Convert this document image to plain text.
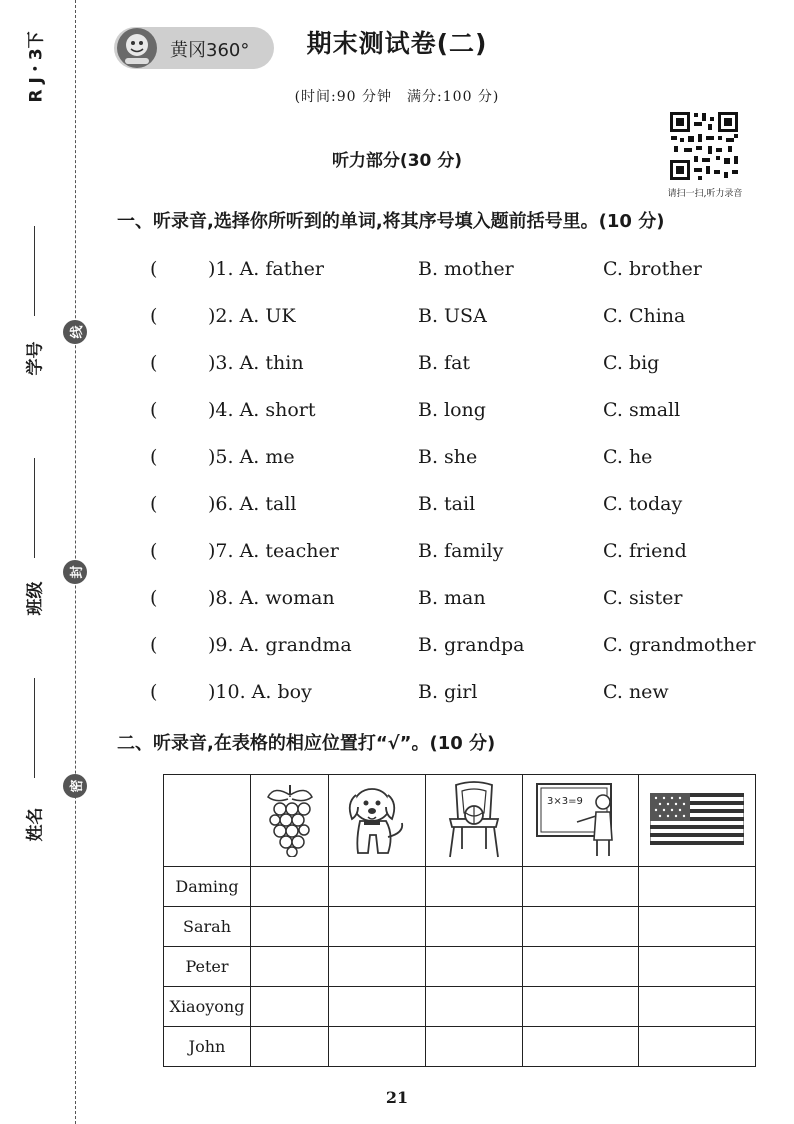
R J・3下
学号
班级
姓名
线
封
密
黄冈360°	期末测试卷(二)
(时间:90 分钟　满分:100 分)
听力部分(30 分)
请扫一扫,听力录音
一、听录音,选择你所听到的单词,将其序号填入题前括号里。(10 分)
(	)1. A. father	B. mother	C. brother
(	)2. A. UK	B. USA	C. China
(	)3. A. thin	B. fat	C. big
(	)4. A. short	B. long	C. small
(	)5. A. me	B. she	C. he
(	)6. A. tall	B. tail	C. today
(	)7. A. teacher	B. family	C. friend
(	)8. A. woman	B. man	C. sister
(	)9. A. grandma	B. grandpa	C. grandmother
(	)10. A. boy	B. girl	C. new
二、听录音,在表格的相应位置打“√”。(10 分)

3×3=9

Daming					
Sarah					
Peter					
Xiaoyong					
John					
21
